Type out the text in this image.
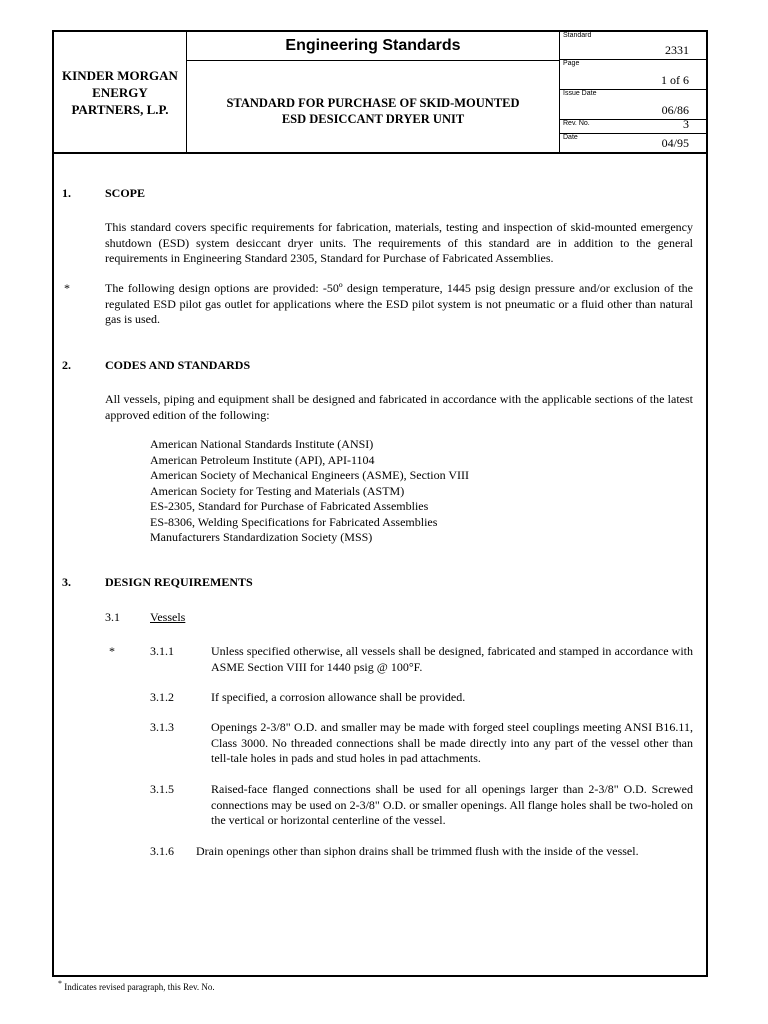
KINDER MORGAN
ENERGY
PARTNERS, L.P.
Engineering Standards
STANDARD FOR PURCHASE OF SKID-MOUNTED
ESD DESICCANT DRYER UNIT
Standard
2331
Page
1 of 6
Issue Date
06/86
Rev. No.	3
Date	04/95
1.	SCOPE
This standard covers specific requirements for fabrication, materials, testing and inspection of skid-mounted emergency shutdown (ESD) system desiccant dryer units. The requirements of this standard are in addition to the general requirements in Engineering Standard 2305, Standard for Purchase of Fabricated Assemblies.
*	The following design options are provided: -50º design temperature, 1445 psig design pressure and/or exclusion of the regulated ESD pilot gas outlet for applications where the ESD pilot system is not pneumatic or a fluid other than natural gas is used.
2.	CODES AND STANDARDS
All vessels, piping and equipment shall be designed and fabricated in accordance with the applicable sections of the latest approved edition of the following:
American National Standards Institute (ANSI)
American Petroleum Institute (API), API-1104
American Society of Mechanical Engineers (ASME), Section VIII
American Society for Testing and Materials (ASTM)
ES-2305, Standard for Purchase of Fabricated Assemblies
ES-8306, Welding Specifications for Fabricated Assemblies
Manufacturers Standardization Society (MSS)
3.	DESIGN REQUIREMENTS
3.1	Vessels
*	3.1.1	Unless specified otherwise, all vessels shall be designed, fabricated and stamped in accordance with ASME Section VIII for 1440 psig @ 100°F.
3.1.2	If specified, a corrosion allowance shall be provided.
3.1.3	Openings 2-3/8" O.D. and smaller may be made with forged steel couplings meeting ANSI B16.11, Class 3000. No threaded connections shall be made directly into any part of the vessel other than tell-tale holes in pads and stud holes in pad attachments.
3.1.5	Raised-face flanged connections shall be used for all openings larger than 2-3/8" O.D. Screwed connections may be used on 2-3/8" O.D. or smaller openings. All flange holes shall be two-holed on the vertical or horizontal centerline of the vessel.
3.1.6 Drain openings other than siphon drains shall be trimmed flush with the inside of the vessel.
* Indicates revised paragraph, this Rev. No.
